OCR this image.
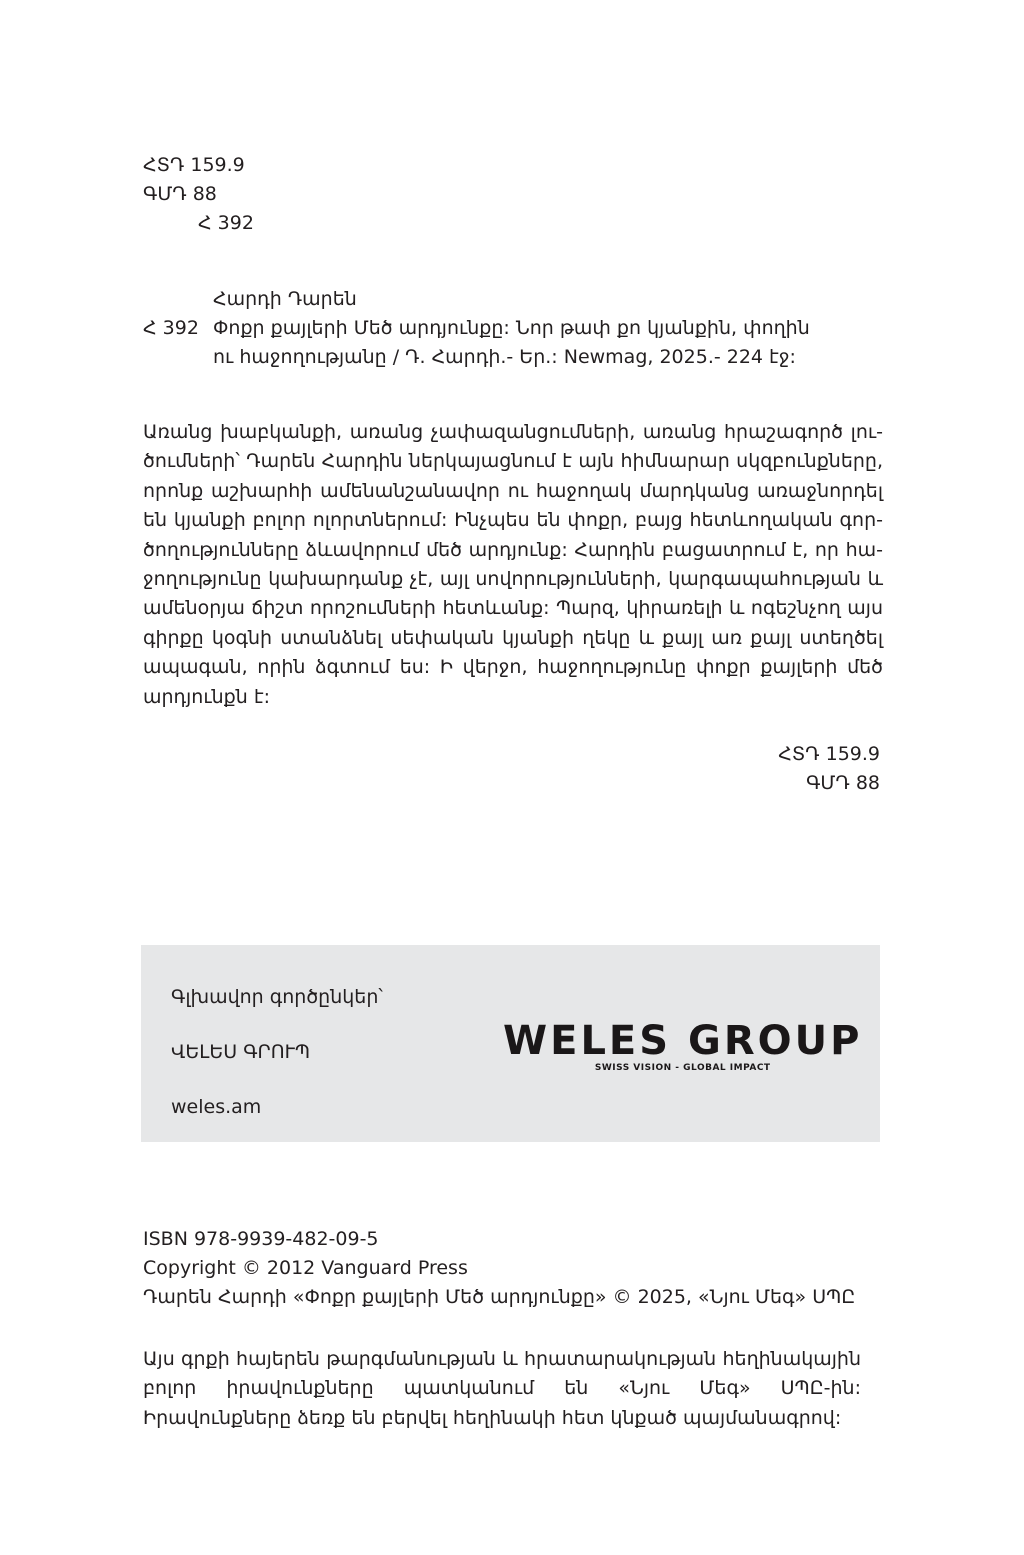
ՀՏԴ 159.9

ԳՄԴ 88

Հ 392

Հարդի Դարեն

Հ 392 Փոքր քայլերի Մեծ արդյունքը: Նոր թափ քո կյանքին, փողին

ու հաջողությանը / Դ. Հարդի.- Եր.: Newmag, 2025.- 224 էջ:

Առանց խաբկանքի, առանց չափազանցումների, առանց հրաշագործ լուծումների՝ Դարեն Հարդին ներկայացնում է այն հիմնարար սկզբունքները, որոնք աշխարհի ամենանշանավոր ու հաջողակ մարդկանց առաջնորդել են կյանքի բոլոր ոլորտներում: Ինչպես են փոքր, բայց հետևողական գործողությունները ձևավորում մեծ արդյունք: Հարդին բացատրում է, որ հաջողությունը կախարդանք չէ, այլ սովորությունների, կարգապահության և ամենօրյա ճիշտ որոշումների հետևանք: Պարզ, կիրառելի և ոգեշնչող այս գիրքը կօգնի ստանձնել սեփական կյանքի ղեկը և քայլ առ քայլ ստեղծել ապագան, որին ձգտում ես: Ի վերջո, հաջողությունը փոքր քայլերի մեծ արդյունքն է:

ՀՏԴ 159.9

ԳՄԴ 88

Գլխավոր գործընկեր՝

ՎԵԼԵՍ ԳՐՈՒՊ

weles.am

WELES GROUP
SWISS VISION - GLOBAL IMPACT

ISBN 978-9939-482-09-5

Copyright © 2012 Vanguard Press

Դարեն Հարդի «Փոքր քայլերի Մեծ արդյունքը» © 2025, «Նյու Մեգ» ՍՊԸ

Այս գրքի հայերեն թարգմանության և հրատարակության հեղինակային բոլոր իրավունքները պատկանում են «Նյու Մեգ» ՍՊԸ-ին: Իրավունքները ձեռք են բերվել հեղինակի հետ կնքած պայմանագրով:
